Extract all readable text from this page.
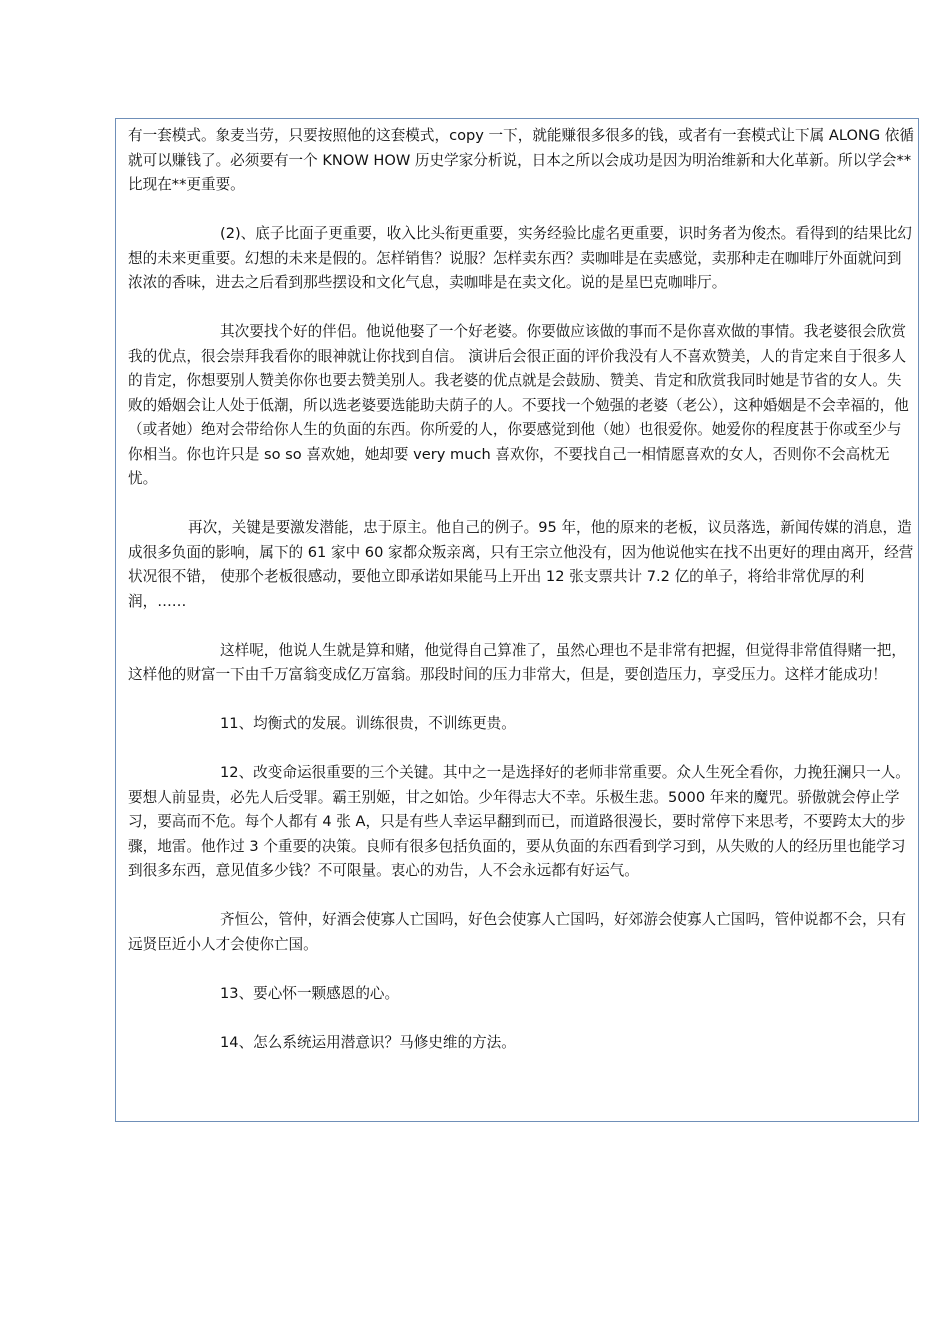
有一套模式。象麦当劳，只要按照他的这套模式，copy 一下，就能赚很多很多的钱，或者有一套模式让下属 ALONG 依循就可以赚钱了。必须要有一个 KNOW HOW 历史学家分析说，日本之所以会成功是因为明治维新和大化革新。所以学会**比现在**更重要。

(2)、底子比面子更重要，收入比头衔更重要，实务经验比虚名更重要，识时务者为俊杰。看得到的结果比幻想的未来更重要。幻想的未来是假的。怎样销售？说服？怎样卖东西？卖咖啡是在卖感觉，卖那种走在咖啡厅外面就问到浓浓的香味，进去之后看到那些摆设和文化气息，卖咖啡是在卖文化。说的是星巴克咖啡厅。

其次要找个好的伴侣。他说他娶了一个好老婆。你要做应该做的事而不是你喜欢做的事情。我老婆很会欣赏我的优点，很会崇拜我看你的眼神就让你找到自信。 演讲后会很正面的评价我没有人不喜欢赞美，人的肯定来自于很多人的肯定，你想要别人赞美你你也要去赞美别人。我老婆的优点就是会鼓励、赞美、肯定和欣赏我同时她是节省的女人。失败的婚姻会让人处于低潮，所以选老婆要选能助夫荫子的人。不要找一个勉强的老婆（老公），这种婚姻是不会幸福的，他（或者她）绝对会带给你人生的负面的东西。你所爱的人，你要感觉到他（她）也很爱你。她爱你的程度甚于你或至少与你相当。你也许只是 so so 喜欢她，她却要 very much 喜欢你，不要找自己一相情愿喜欢的女人，否则你不会高枕无忧。

再次，关键是要激发潜能，忠于原主。他自己的例子。95 年，他的原来的老板，议员落选，新闻传媒的消息，造成很多负面的影响，属下的 61 家中 60 家都众叛亲离，只有王宗立他没有，因为他说他实在找不出更好的理由离开，经营状况很不错， 使那个老板很感动，要他立即承诺如果能马上开出 12 张支票共计 7.2 亿的单子，将给非常优厚的利润，……

这样呢，他说人生就是算和赌，他觉得自己算准了，虽然心理也不是非常有把握，但觉得非常值得赌一把，这样他的财富一下由千万富翁变成亿万富翁。那段时间的压力非常大，但是，要创造压力，享受压力。这样才能成功！

11、均衡式的发展。训练很贵，不训练更贵。

12、改变命运很重要的三个关键。其中之一是选择好的老师非常重要。众人生死全看你，力挽狂澜只一人。要想人前显贵，必先人后受罪。霸王别姬，甘之如饴。少年得志大不幸。乐极生悲。5000 年来的魔咒。骄傲就会停止学习，要高而不危。每个人都有 4 张 A，只是有些人幸运早翻到而已，而道路很漫长，要时常停下来思考，不要跨太大的步骤，地雷。他作过 3 个重要的决策。良师有很多包括负面的，要从负面的东西看到学习到，从失败的人的经历里也能学习到很多东西，意见值多少钱？不可限量。衷心的劝告，人不会永远都有好运气。

齐恒公，管仲，好酒会使寡人亡国吗，好色会使寡人亡国吗，好郊游会使寡人亡国吗，管仲说都不会，只有远贤臣近小人才会使你亡国。

13、要心怀一颗感恩的心。

14、怎么系统运用潜意识？马修史维的方法。
